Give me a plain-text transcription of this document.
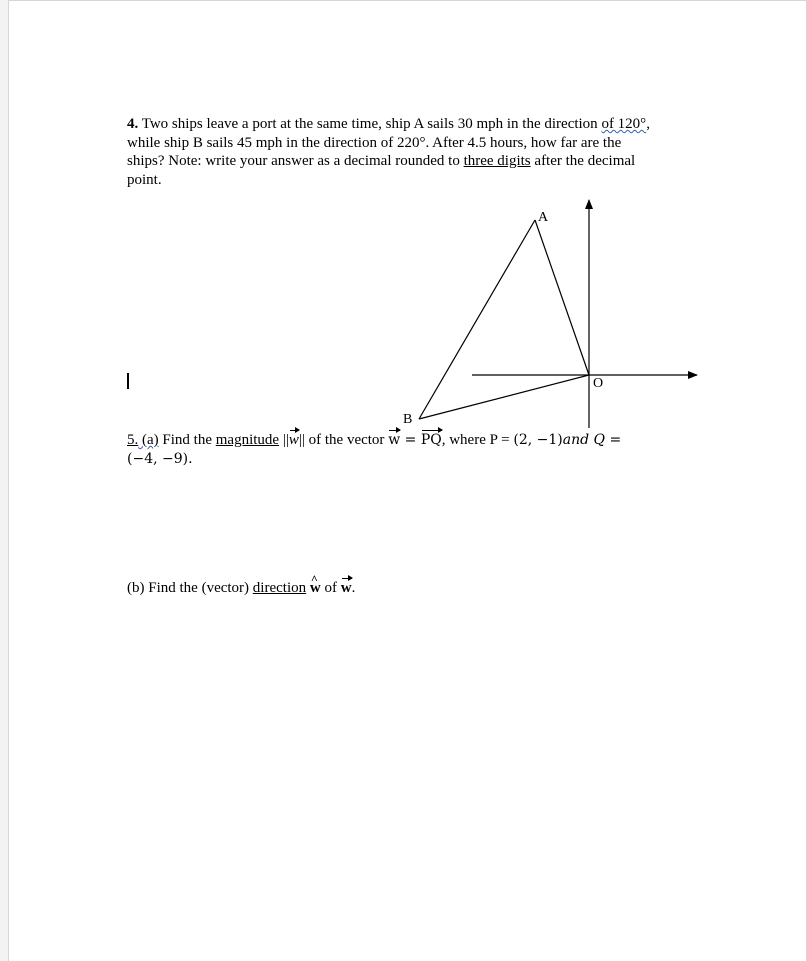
4. Two ships leave a port at the same time, ship A sails 30 mph in the direction of 120°,
while ship B sails 45 mph in the direction of 220°. After 4.5 hours, how far are the
ships? Note: write your answer as a decimal rounded to three digits after the decimal
point.
A
B
O
5. (a) Find the magnitude ||w|| of the vector w = PQ, where P = (2, −1)and Q =
(−4, −9).
(b) Find the (vector) direction ^ w of w.
